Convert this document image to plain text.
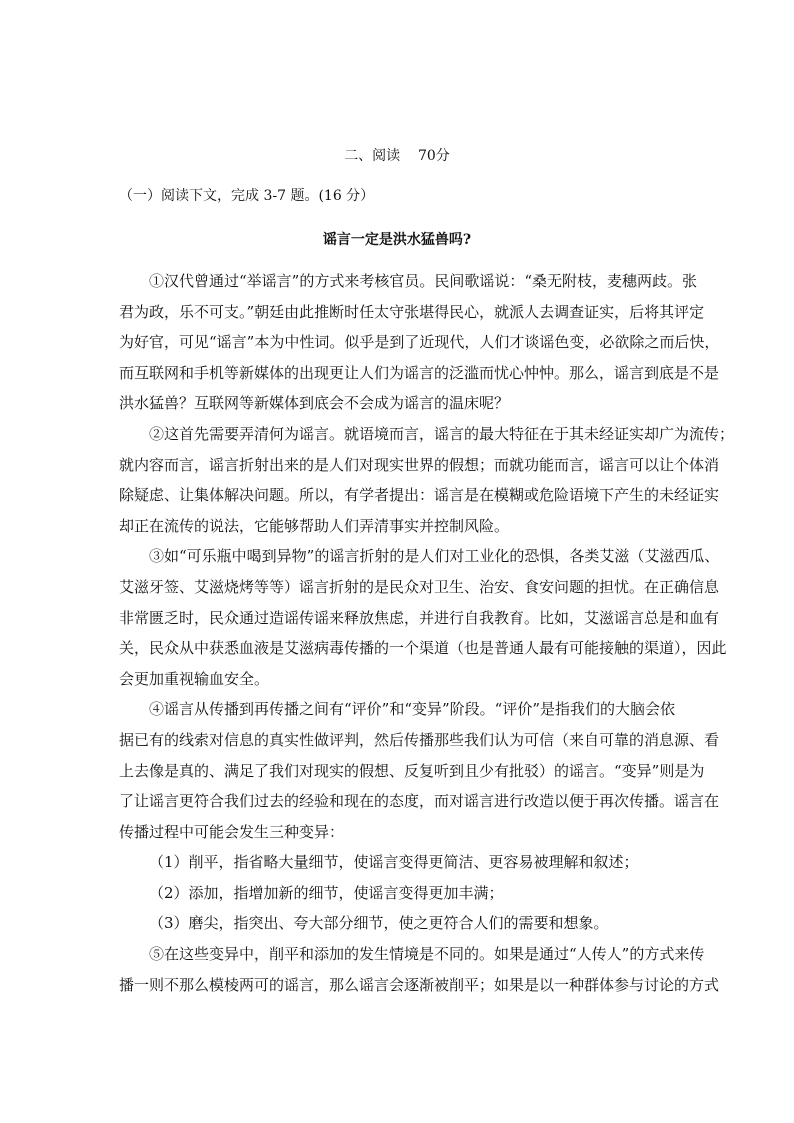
二、阅读    70分
（一）阅读下文，完成 3-7 题。(16 分）
谣言一定是洪水猛兽吗?
①汉代曾通过“举谣言”的方式来考核官员。民间歌谣说：“桑无附枝，麦穗两歧。张
君为政，乐不可支。”朝廷由此推断时任太守张堪得民心，就派人去调查证实，后将其评定
为好官，可见“谣言”本为中性词。似乎是到了近现代，人们才谈谣色变，必欲除之而后快，
而互联网和手机等新媒体的出现更让人们为谣言的泛滥而忧心忡忡。那么，谣言到底是不是
洪水猛兽？互联网等新媒体到底会不会成为谣言的温床呢？
②这首先需要弄清何为谣言。就语境而言，谣言的最大特征在于其未经证实却广为流传；
就内容而言，谣言折射出来的是人们对现实世界的假想；而就功能而言，谣言可以让个体消
除疑虑、让集体解决问题。所以，有学者提出：谣言是在模糊或危险语境下产生的未经证实
却正在流传的说法，它能够帮助人们弄清事实并控制风险。
③如“可乐瓶中喝到异物”的谣言折射的是人们对工业化的恐惧，各类艾滋（艾滋西瓜、
艾滋牙签、艾滋烧烤等等）谣言折射的是民众对卫生、治安、食安问题的担忧。在正确信息
非常匮乏时，民众通过造谣传谣来释放焦虑，并进行自我教育。比如，艾滋谣言总是和血有
关，民众从中获悉血液是艾滋病毒传播的一个渠道（也是普通人最有可能接触的渠道），因此
会更加重视输血安全。
④谣言从传播到再传播之间有“评价”和“变异”阶段。“评价”是指我们的大脑会依
据已有的线索对信息的真实性做评判，然后传播那些我们认为可信（来自可靠的消息源、看
上去像是真的、满足了我们对现实的假想、反复听到且少有批驳）的谣言。“变异”则是为
了让谣言更符合我们过去的经验和现在的态度，而对谣言进行改造以便于再次传播。谣言在
传播过程中可能会发生三种变异：
（1）削平，指省略大量细节，使谣言变得更简洁、更容易被理解和叙述；
（2）添加，指增加新的细节，使谣言变得更加丰满；
（3）磨尖，指突出、夸大部分细节，使之更符合人们的需要和想象。
⑤在这些变异中，削平和添加的发生情境是不同的。如果是通过“人传人”的方式来传
播一则不那么模棱两可的谣言，那么谣言会逐渐被削平；如果是以一种群体参与讨论的方式
